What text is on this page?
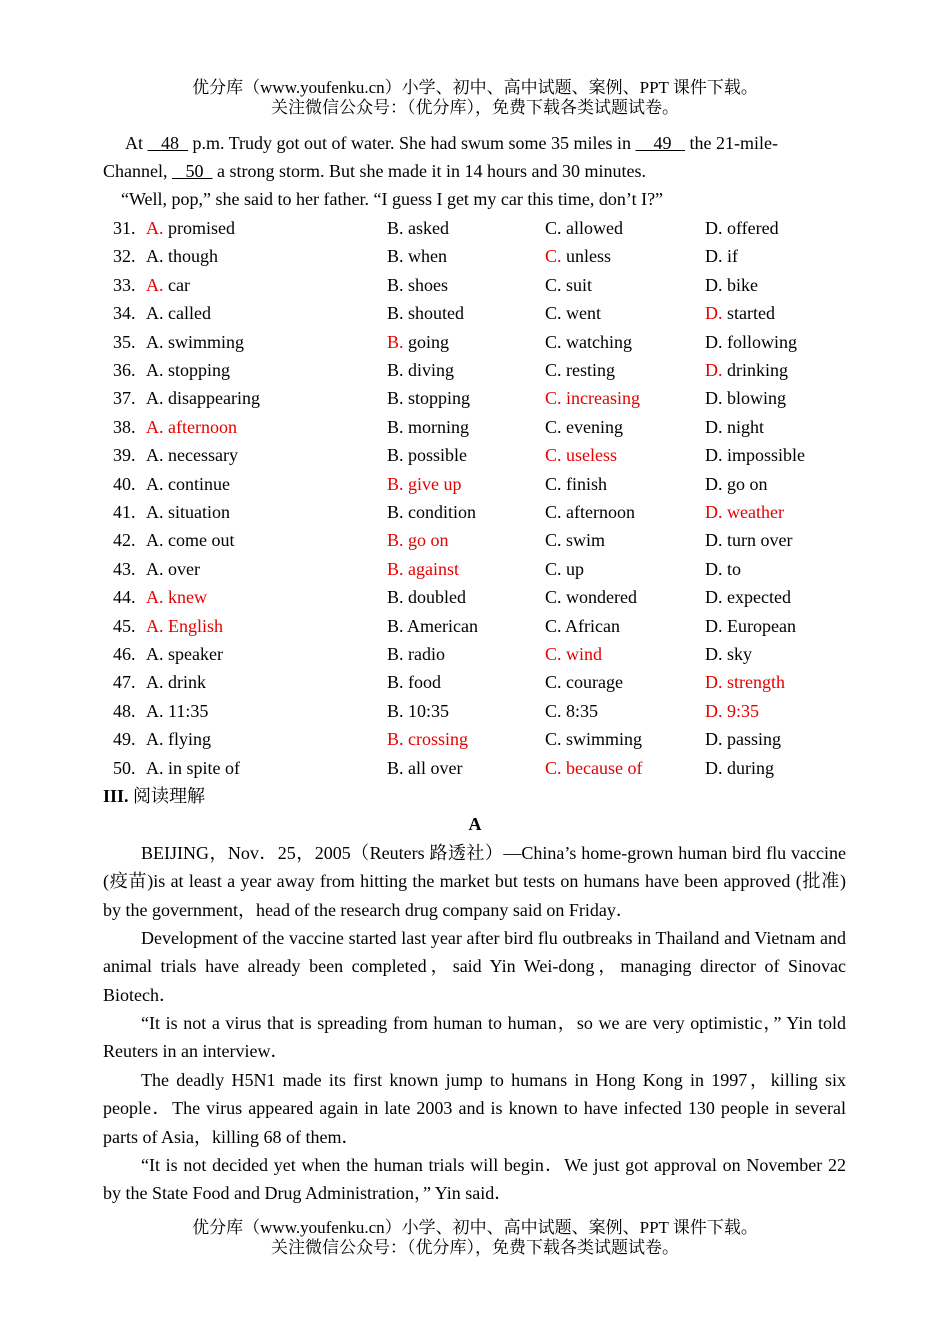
优分库（www.youfenku.cn）小学、初中、高中试题、案例、PPT 课件下载。
关注微信公众号：（优分库），免费下载各类试题试卷。
At    48   p.m. Trudy got out of water. She had swum some 35 miles in     49    the 21-mile-
Channel,    50   a strong storm. But she made it in 14 hours and 30 minutes.
“Well, pop,” she said to her father. “I guess I get my car this time, don’t I?”
31. A. promised	B. asked	C. allowed	D. offered
32. A. though	B. when	C. unless	D. if
33. A. car	B. shoes	C. suit	D. bike
34. A. called	B. shouted	C. went	D. started
35. A. swimming	B. going	C. watching	D. following
36. A. stopping	B. diving	C. resting	D. drinking
37. A. disappearing	B. stopping	C. increasing	D. blowing
38. A. afternoon	B. morning	C. evening	D. night
39. A. necessary	B. possible	C. useless	D. impossible
40. A. continue	B. give up	C. finish	D. go on
41. A. situation	B. condition	C. afternoon	D. weather
42. A. come out	B. go on	C. swim	D. turn over
43. A. over	B. against	C. up	D. to
44. A. knew	B. doubled	C. wondered	D. expected
45. A. English	B. American	C. African	D. European
46. A. speaker	B. radio	C. wind	D. sky
47. A. drink	B. food	C. courage	D. strength
48. A. 11:35	B. 10:35	C. 8:35	D. 9:35
49. A. flying	B. crossing	C. swimming	D. passing
50. A. in spite of	B. all over	C. because of	D. during
III. 阅读理解
A
BEIJING，Nov．25，2005（Reuters 路透社）—China’s home-grown human bird flu vaccine (疫苗)is at least a year away from hitting the market but tests on humans have been approved (批准) by the government，head of the research drug company said on Friday．
Development of the vaccine started last year after bird flu outbreaks in Thailand and Vietnam and animal trials have already been completed，said Yin Wei-dong，managing director of Sinovac Biotech．
“It is not a virus that is spreading from human to human，so we are very optimistic，” Yin told Reuters in an interview．
The deadly H5N1 made its first known jump to humans in Hong Kong in 1997，killing six people．The virus appeared again in late 2003 and is known to have infected 130 people in several parts of Asia，killing 68 of them．
“It is not decided yet when the human trials will begin．We just got approval on November 22 by the State Food and Drug Administration，” Yin said．
优分库（www.youfenku.cn）小学、初中、高中试题、案例、PPT 课件下载。
关注微信公众号：（优分库），免费下载各类试题试卷。
